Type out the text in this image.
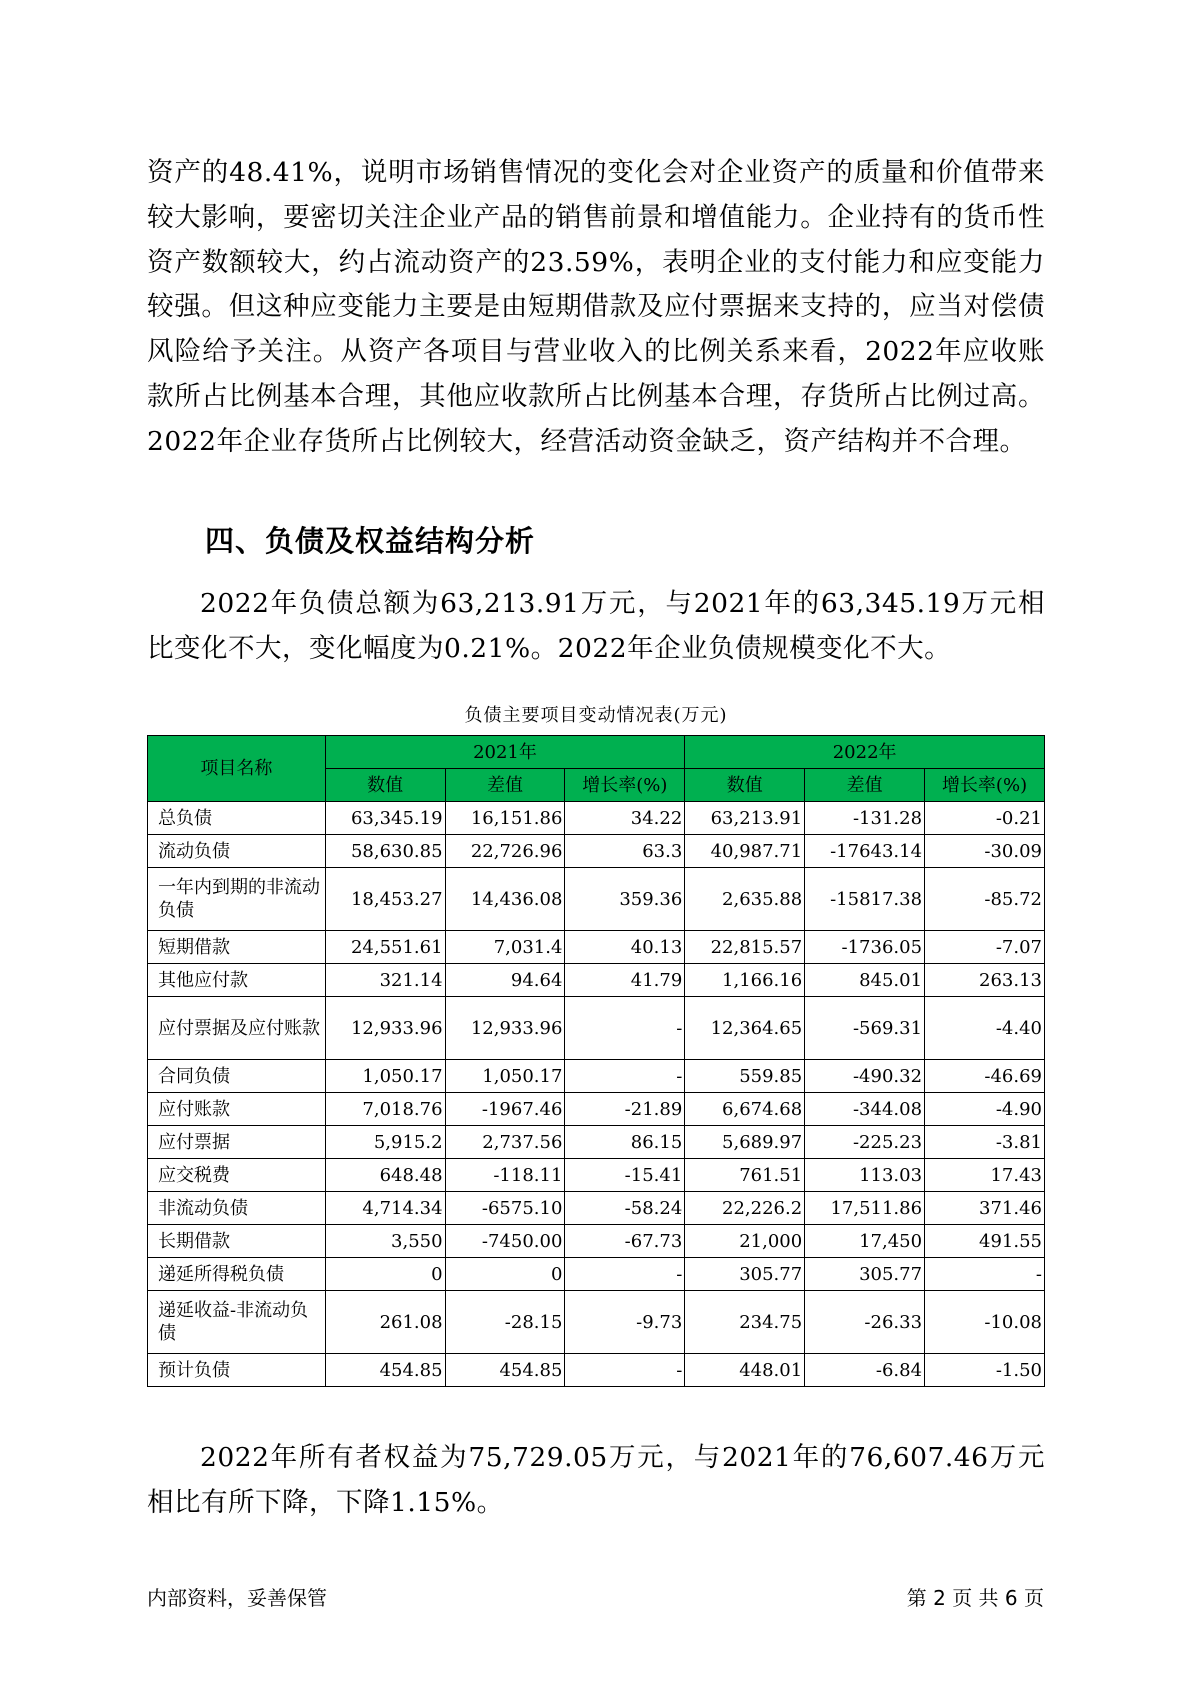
资产的48.41%，说明市场销售情况的变化会对企业资产的质量和价值带来较大影响，要密切关注企业产品的销售前景和增值能力。企业持有的货币性资产数额较大，约占流动资产的23.59%，表明企业的支付能力和应变能力较强。但这种应变能力主要是由短期借款及应付票据来支持的，应当对偿债风险给予关注。从资产各项目与营业收入的比例关系来看，2022年应收账款所占比例基本合理，其他应收款所占比例基本合理，存货所占比例过高。2022年企业存货所占比例较大，经营活动资金缺乏，资产结构并不合理。

四、负债及权益结构分析

2022年负债总额为63,213.91万元，与2021年的63,345.19万元相比变化不大，变化幅度为0.21%。2022年企业负债规模变化不大。

负债主要项目变动情况表(万元)
项目名称	2021年			2022年		
	数值	差值	增长率(%)	数值	差值	增长率(%)
总负债	63,345.19	16,151.86	34.22	63,213.91	-131.28	-0.21
流动负债	58,630.85	22,726.96	63.3	40,987.71	-17643.14	-30.09
一年内到期的非流动负债	18,453.27	14,436.08	359.36	2,635.88	-15817.38	-85.72
短期借款	24,551.61	7,031.4	40.13	22,815.57	-1736.05	-7.07
其他应付款	321.14	94.64	41.79	1,166.16	845.01	263.13
应付票据及应付账款	12,933.96	12,933.96	-	12,364.65	-569.31	-4.40
合同负债	1,050.17	1,050.17	-	559.85	-490.32	-46.69
应付账款	7,018.76	-1967.46	-21.89	6,674.68	-344.08	-4.90
应付票据	5,915.2	2,737.56	86.15	5,689.97	-225.23	-3.81
应交税费	648.48	-118.11	-15.41	761.51	113.03	17.43
非流动负债	4,714.34	-6575.10	-58.24	22,226.2	17,511.86	371.46
长期借款	3,550	-7450.00	-67.73	21,000	17,450	491.55
递延所得税负债	0	0	-	305.77	305.77	-
递延收益-非流动负债	261.08	-28.15	-9.73	234.75	-26.33	-10.08
预计负债	454.85	454.85	-	448.01	-6.84	-1.50

2022年所有者权益为75,729.05万元，与2021年的76,607.46万元相比有所下降，下降1.15%。

内部资料，妥善保管	第 2 页 共 6 页
